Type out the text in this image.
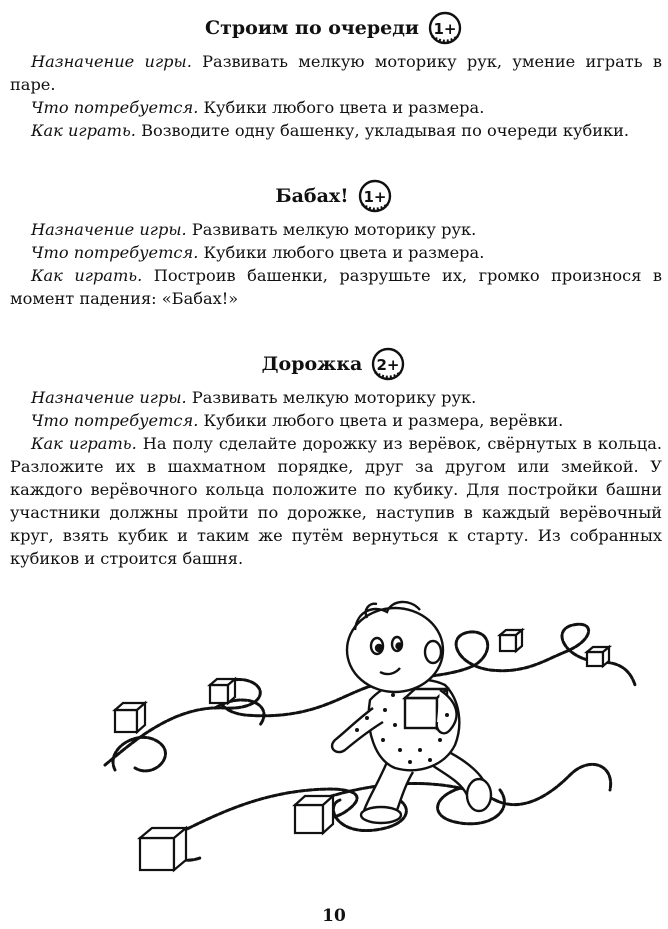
Строим по очереди 1+

Назначение игры. Развивать мелкую моторику рук, умение играть в паре.

Что потребуется. Кубики любого цвета и размера.

Как играть. Возводите одну башенку, укладывая по очереди кубики.

Бабах! 1+

Назначение игры. Развивать мелкую моторику рук.

Что потребуется. Кубики любого цвета и размера.

Как играть. Построив башенки, разрушьте их, громко произнося в момент падения: «Бабах!»

Дорожка 2+

Назначение игры. Развивать мелкую моторику рук.

Что потребуется. Кубики любого цвета и размера, верёвки.

Как играть. На полу сделайте дорожку из верёвок, свёрнутых в кольца. Разложите их в шахматном порядке, друг за другом или змейкой. У каждого верёвочного кольца положите по кубику. Для постройки башни участники должны пройти по дорожке, наступив в каждый верёвочный круг, взять кубик и таким же путём вернуться к старту. Из собранных кубиков и строится башня.

10
